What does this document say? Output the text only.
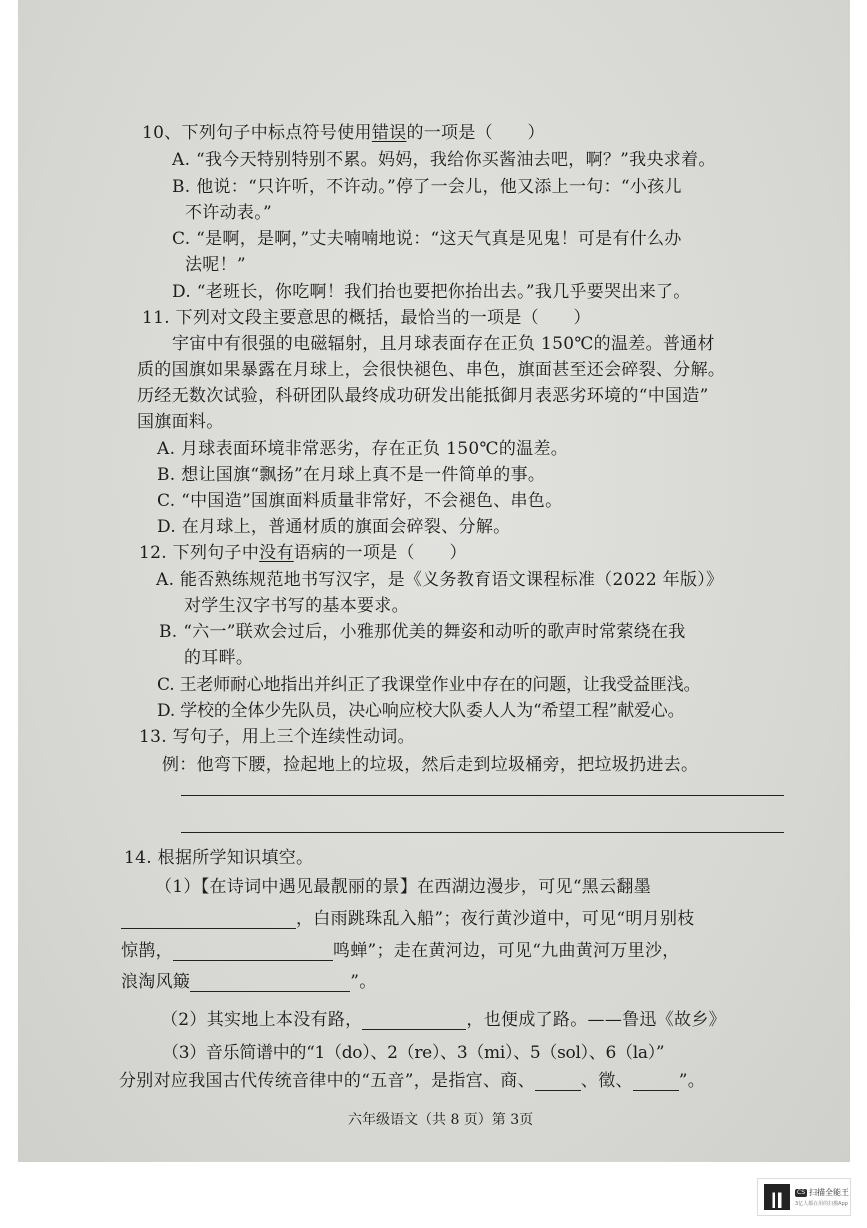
10、下列句子中标点符号使用错误的一项是（　　）
A. “我今天特别特别不累。妈妈，我给你买酱油去吧，啊？”我央求着。
B. 他说：“只许听，不许动。”停了一会儿，他又添上一句：“小孩儿
不许动表。”
C. “是啊，是啊，”丈夫喃喃地说：“这天气真是见鬼！可是有什么办
法呢！”
D. “老班长，你吃啊！我们抬也要把你抬出去。”我几乎要哭出来了。
11. 下列对文段主要意思的概括，最恰当的一项是（　　）
宇宙中有很强的电磁辐射，且月球表面存在正负 150℃的温差。普通材
质的国旗如果暴露在月球上，会很快褪色、串色，旗面甚至还会碎裂、分解。
历经无数次试验，科研团队最终成功研发出能抵御月表恶劣环境的“中国造”
国旗面料。
A. 月球表面环境非常恶劣，存在正负 150℃的温差。
B. 想让国旗“飘扬”在月球上真不是一件简单的事。
C. “中国造”国旗面料质量非常好，不会褪色、串色。
D. 在月球上，普通材质的旗面会碎裂、分解。
12. 下列句子中没有语病的一项是（　　）
A. 能否熟练规范地书写汉字，是《义务教育语文课程标准（2022 年版）》
对学生汉字书写的基本要求。
B. “六一”联欢会过后，小雅那优美的舞姿和动听的歌声时常萦绕在我
的耳畔。
C. 王老师耐心地指出并纠正了我课堂作业中存在的问题，让我受益匪浅。
D. 学校的全体少先队员，决心响应校大队委人人为“希望工程”献爱心。
13. 写句子，用上三个连续性动词。
例：他弯下腰，捡起地上的垃圾，然后走到垃圾桶旁，把垃圾扔进去。
14. 根据所学知识填空。
（1）【在诗词中遇见最靓丽的景】在西湖边漫步，可见“黑云翻墨
，白雨跳珠乱入船”；夜行黄沙道中，可见“明月别枝
惊鹊，	鸣蝉”；走在黄河边，可见“九曲黄河万里沙，
浪淘风簸	”。
（2）其实地上本没有路，	，也便成了路。——鲁迅《故乡》
（3）音乐简谱中的“1（do）、2（re）、3（mi）、5（sol）、6（la）”
分别对应我国古代传统音律中的“五音”，是指宫、商、	、徵、	”。
六年级语文（共 8 页）第 3页
CS 扫描全能王
3亿人都在用的扫描App
